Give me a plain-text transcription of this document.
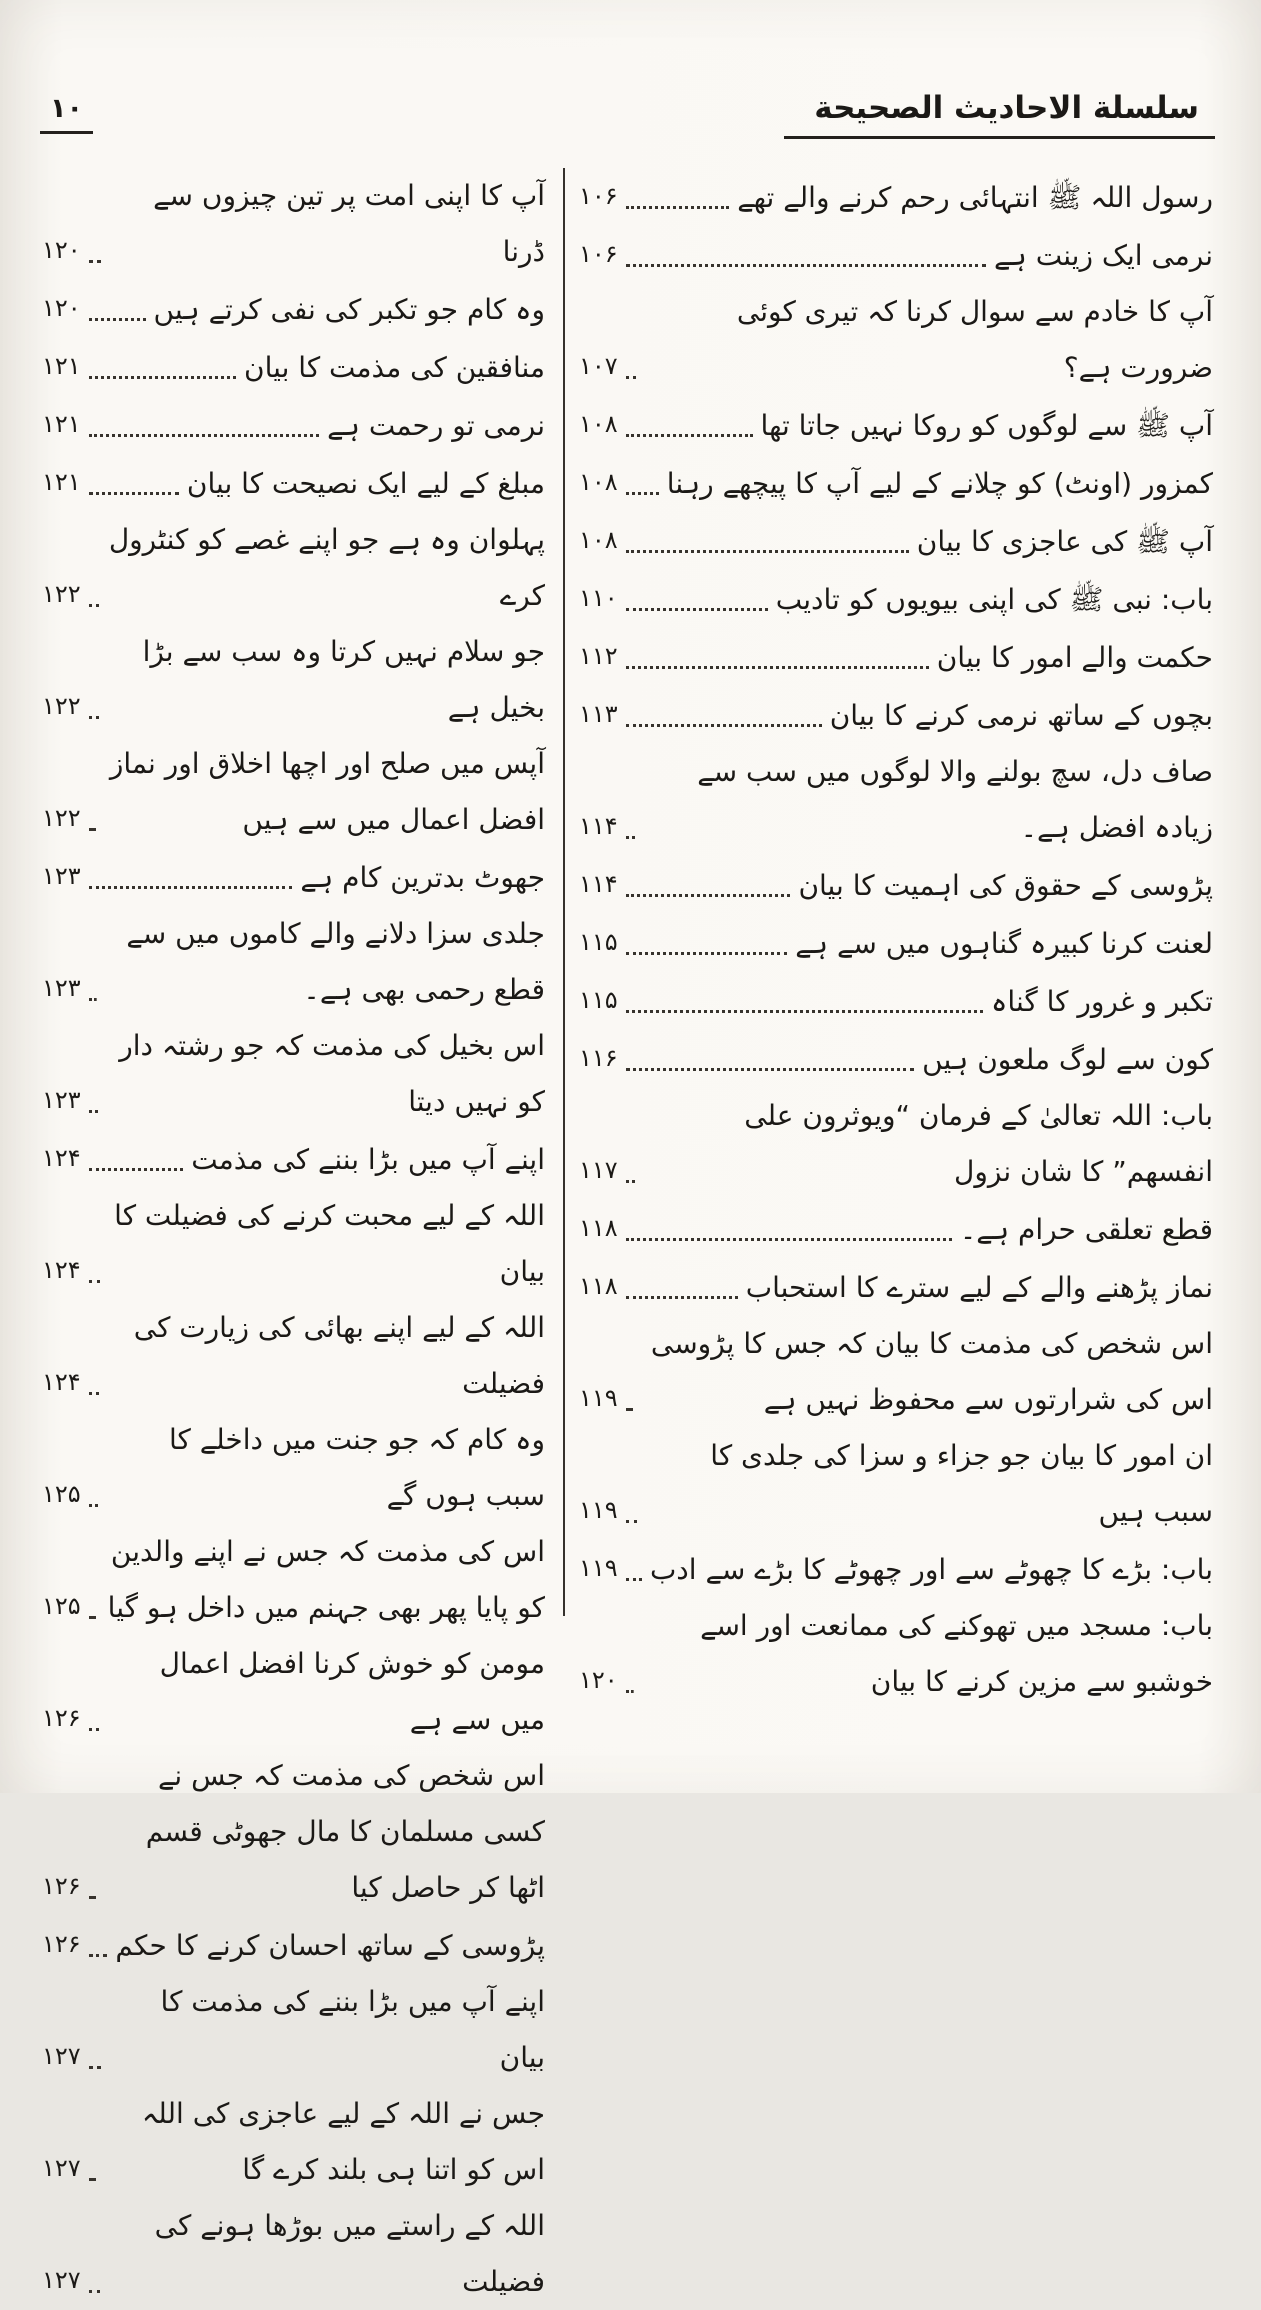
سلسلة الاحاديث الصحيحة
۱۰
رسول اللہ ﷺ انتہائی رحم کرنے والے تھے
۱۰۶
نرمی ایک زینت ہے
۱۰۶
آپ کا خادم سے سوال کرنا کہ تیری کوئی ضرورت ہے؟
۱۰۷
آپ ﷺ سے لوگوں کو روکا نہیں جاتا تھا
۱۰۸
کمزور (اونٹ) کو چلانے کے لیے آپ کا پیچھے رہنا
۱۰۸
آپ ﷺ کی عاجزی کا بیان
۱۰۸
باب: نبی ﷺ کی اپنی بیویوں کو تادیب
۱۱۰
حکمت والے امور کا بیان
۱۱۲
بچوں کے ساتھ نرمی کرنے کا بیان
۱۱۳
صاف دل، سچ بولنے والا لوگوں میں سب سے زیادہ افضل ہے۔
۱۱۴
پڑوسی کے حقوق کی اہمیت کا بیان
۱۱۴
لعنت کرنا کبیرہ گناہوں میں سے ہے
۱۱۵
تکبر و غرور کا گناہ
۱۱۵
کون سے لوگ ملعون ہیں
۱۱۶
باب: اللہ تعالیٰ کے فرمان “ویوثرون علی انفسھم” کا شان نزول
۱۱۷
قطع تعلقی حرام ہے۔
۱۱۸
نماز پڑھنے والے کے لیے سترے کا استحباب
۱۱۸
اس شخص کی مذمت کا بیان کہ جس کا پڑوسی اس کی شرارتوں سے محفوظ نہیں ہے
۱۱۹
ان امور کا بیان جو جزاء و سزا کی جلدی کا سبب ہیں
۱۱۹
باب: بڑے کا چھوٹے سے اور چھوٹے کا بڑے سے ادب
۱۱۹
باب: مسجد میں تھوکنے کی ممانعت اور اسے خوشبو سے مزین کرنے کا بیان
۱۲۰
آپ کا اپنی امت پر تین چیزوں سے ڈرنا
۱۲۰
وہ کام جو تکبر کی نفی کرتے ہیں
۱۲۰
منافقین کی مذمت کا بیان
۱۲۱
نرمی تو رحمت ہے
۱۲۱
مبلغ کے لیے ایک نصیحت کا بیان
۱۲۱
پہلوان وہ ہے جو اپنے غصے کو کنٹرول کرے
۱۲۲
جو سلام نہیں کرتا وہ سب سے بڑا بخیل ہے
۱۲۲
آپس میں صلح اور اچھا اخلاق اور نماز افضل اعمال میں سے ہیں
۱۲۲
جھوٹ بدترین کام ہے
۱۲۳
جلدی سزا دلانے والے کاموں میں سے قطع رحمی بھی ہے۔
۱۲۳
اس بخیل کی مذمت کہ جو رشتہ دار کو نہیں دیتا
۱۲۳
اپنے آپ میں بڑا بننے کی مذمت
۱۲۴
اللہ کے لیے محبت کرنے کی فضیلت کا بیان
۱۲۴
اللہ کے لیے اپنے بھائی کی زیارت کی فضیلت
۱۲۴
وہ کام کہ جو جنت میں داخلے کا سبب ہوں گے
۱۲۵
اس کی مذمت کہ جس نے اپنے والدین کو پایا پھر بھی جہنم میں داخل ہو گیا
۱۲۵
مومن کو خوش کرنا افضل اعمال میں سے ہے
۱۲۶
اس شخص کی مذمت کہ جس نے کسی مسلمان کا مال جھوٹی قسم اٹھا کر حاصل کیا
۱۲۶
پڑوسی کے ساتھ احسان کرنے کا حکم
۱۲۶
اپنے آپ میں بڑا بننے کی مذمت کا بیان
۱۲۷
جس نے اللہ کے لیے عاجزی کی اللہ اس کو اتنا ہی بلند کرے گا
۱۲۷
اللہ کے راستے میں بوڑھا ہونے کی فضیلت
۱۲۷
